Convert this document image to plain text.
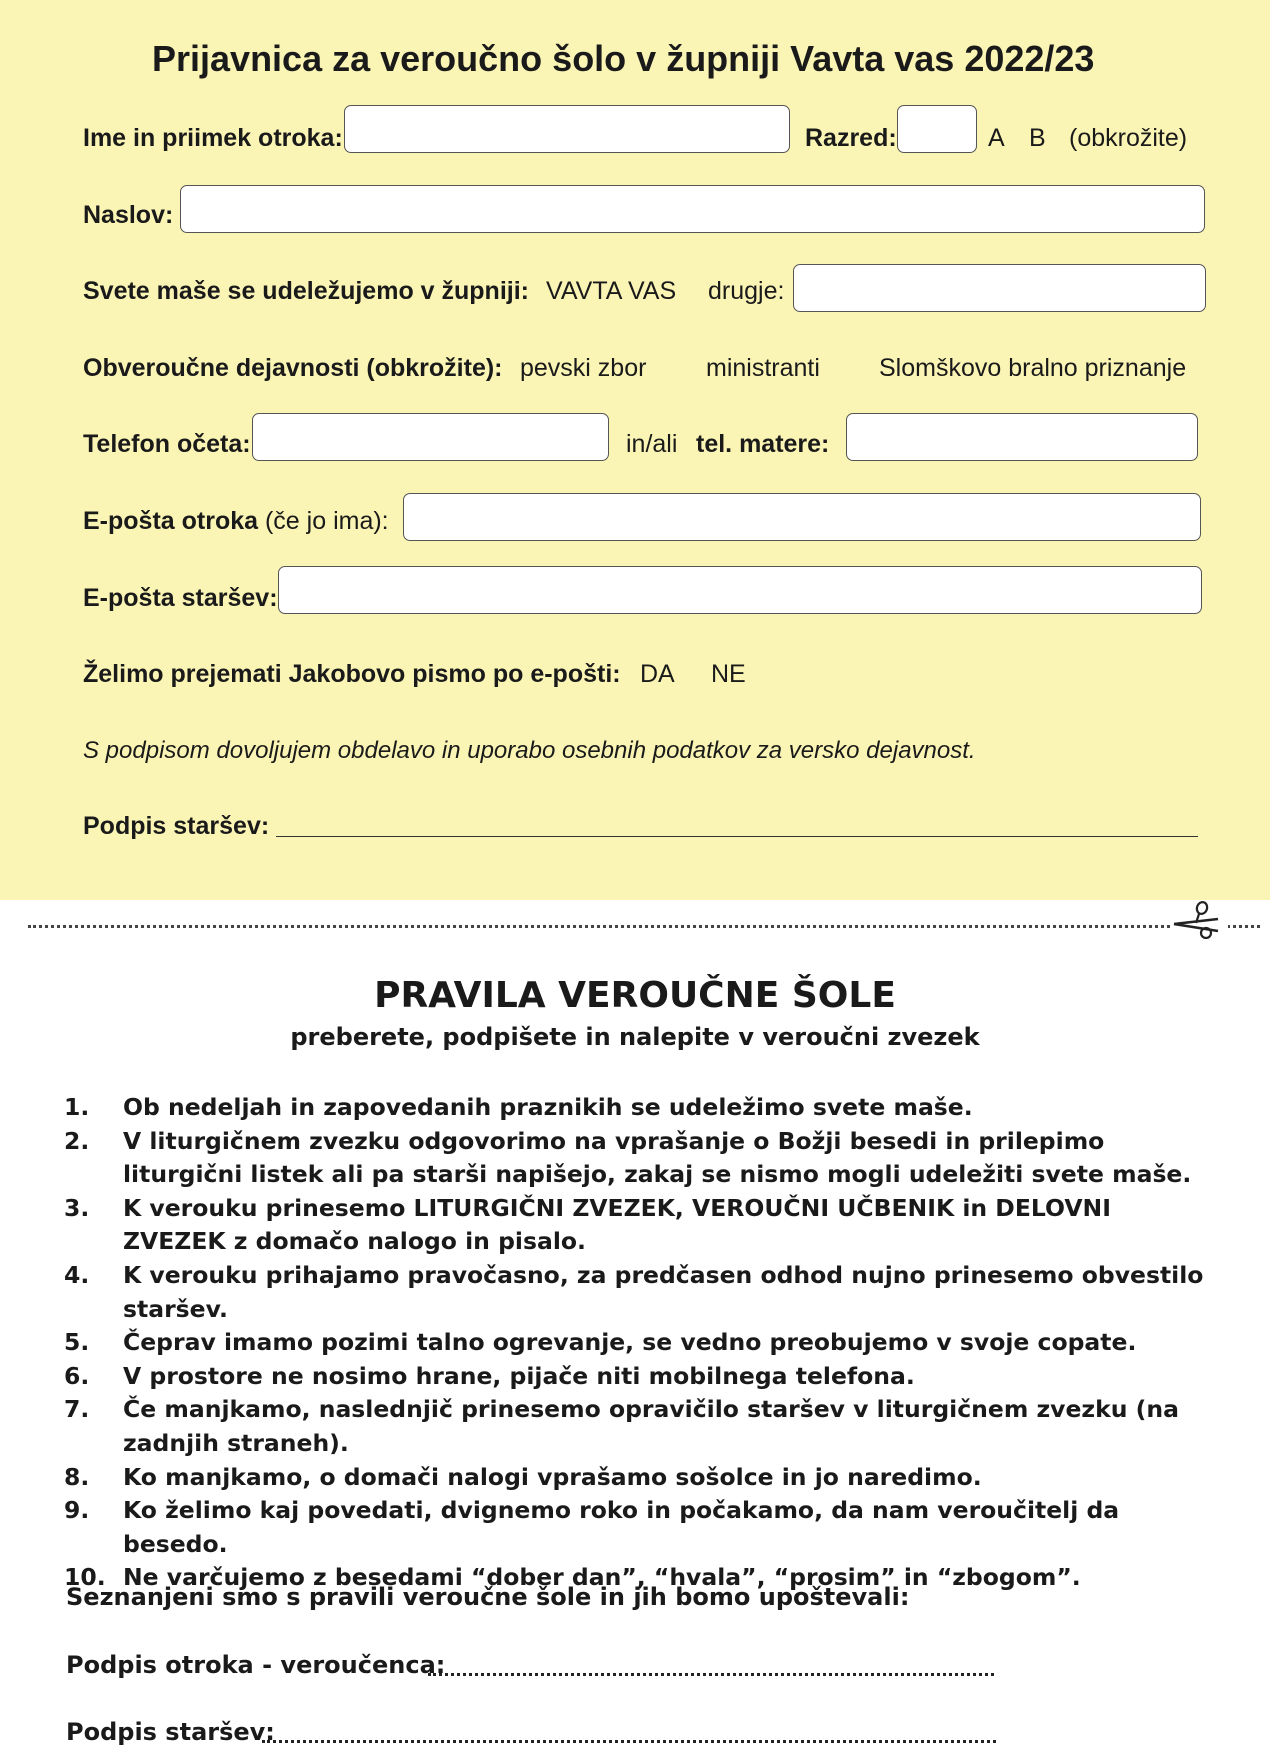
Prijavnica za veroučno šolo v župniji Vavta vas 2022/23
Ime in priimek otroka:	Razred:	A B (obkrožite)
Naslov:
Svete maše se udeležujemo v župniji: VAVTA VAS drugje:
Obveroučne dejavnosti (obkrožite): pevski zbor ministranti Slomškovo bralno priznanje
Telefon očeta:	in/ali tel. matere:
E-pošta otroka (če jo ima):
E-pošta staršev:
Želimo prejemati Jakobovo pismo po e-pošti: DA NE
S podpisom dovoljujem obdelavo in uporabo osebnih podatkov za versko dejavnost.
Podpis staršev:
PRAVILA VEROUČNE ŠOLE
preberete, podpišete in nalepite v veroučni zvezek
1.	Ob nedeljah in zapovedanih praznikih se udeležimo svete maše.
2.	V liturgičnem zvezku odgovorimo na vprašanje o Božji besedi in prilepimo liturgični listek ali pa starši napišejo, zakaj se nismo mogli udeležiti svete maše.
3.	K verouku prinesemo LITURGIČNI ZVEZEK, VEROUČNI UČBENIK in DELOVNI ZVEZEK z domačo nalogo in pisalo.
4.	K verouku prihajamo pravočasno, za predčasen odhod nujno prinesemo obvestilo staršev.
5.	Čeprav imamo pozimi talno ogrevanje, se vedno preobujemo v svoje copate.
6.	V prostore ne nosimo hrane, pijače niti mobilnega telefona.
7.	Če manjkamo, naslednjič prinesemo opravičilo staršev v liturgičnem zvezku (na zadnjih straneh).
8.	Ko manjkamo, o domači nalogi vprašamo sošolce in jo naredimo.
9.	Ko želimo kaj povedati, dvignemo roko in počakamo, da nam veroučitelj da besedo.
10. Ne varčujemo z besedami “dober dan”, “hvala”, “prosim” in “zbogom”.
Seznanjeni smo s pravili veroučne šole in jih bomo upoštevali:
Podpis otroka - veroučenca:
Podpis staršev:
